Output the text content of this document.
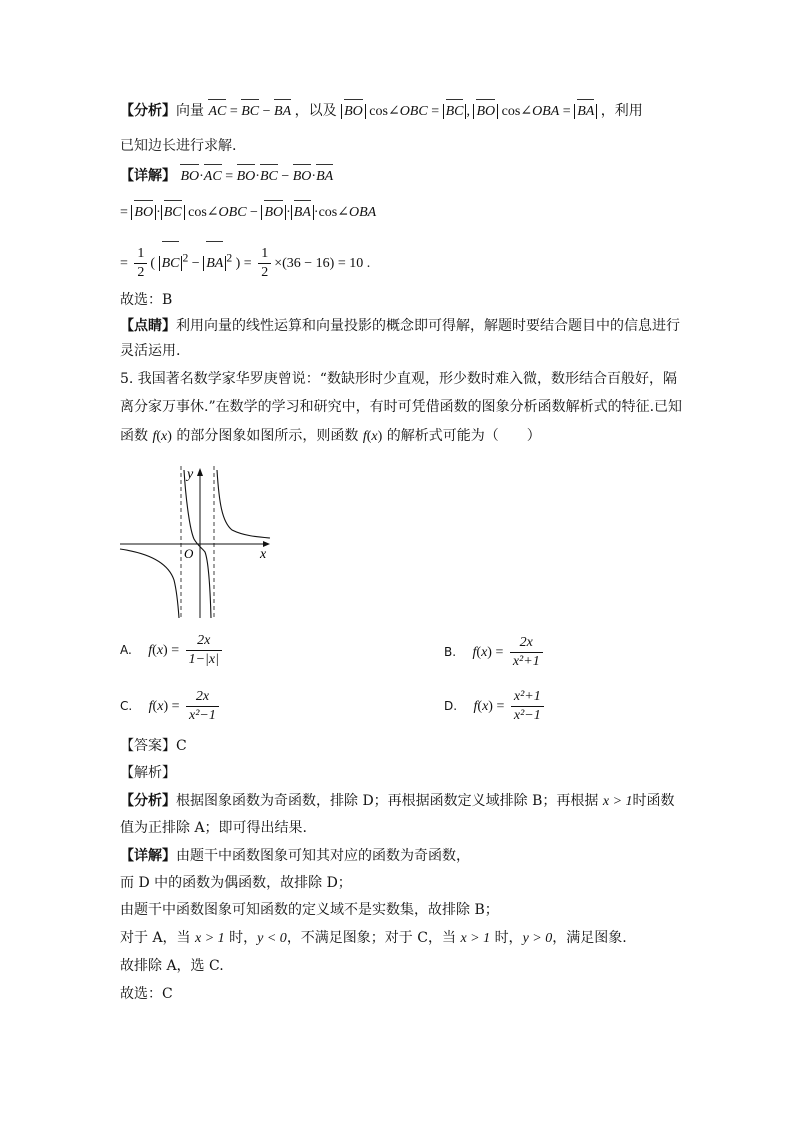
【分析】向量 AC = BC − BA ，以及 BO cos∠OBC = BC , BO cos∠OBA = BA ，利用
已知边长进行求解.
【详解】 BO·AC = BO·BC − BO·BA
= BO · BC cos∠OBC − BO · BA ·cos∠OBA
= $\frac{1}{2}$ ( BC $^2$ − BA $^2$ ) = $\frac{1}{2} \times(36 - 16) = 10$ .
故选：B
【点睛】利用向量的线性运算和向量投影的概念即可得解，解题时要结合题目中的信息进行
灵活运用.
5. 我国著名数学家华罗庚曾说：“数缺形时少直观，形少数时难入微，数形结合百般好，隔
离分家万事休.”在数学的学习和研究中，有时可凭借函数的图象分析函数解析式的特征.已知
函数 f(x) 的部分图象如图所示，则函数 f(x) 的解析式可能为（　　）
y
x
O
A. $f(x) = \frac{2x}{1-|x|}$	B. $f(x) = \frac{2x}{\text{x²+1}}$
C. $f(x) = \frac{2x}{\text{x²−1}}$	D. $f(x) = \frac{\text{x²+1}}{\text{x²−1}}$
【答案】C
【解析】
【分析】根据图象函数为奇函数，排除 D；再根据函数定义域排除 B；再根据 x > 1时函数
值为正排除 A；即可得出结果.
【详解】由题干中函数图象可知其对应的函数为奇函数，
而 D 中的函数为偶函数，故排除 D；
由题干中函数图象可知函数的定义域不是实数集，故排除 B；
对于 A，当 x > 1 时，y < 0，不满足图象；对于 C，当 x > 1 时，y > 0，满足图象.
故排除 A，选 C.
故选：C
